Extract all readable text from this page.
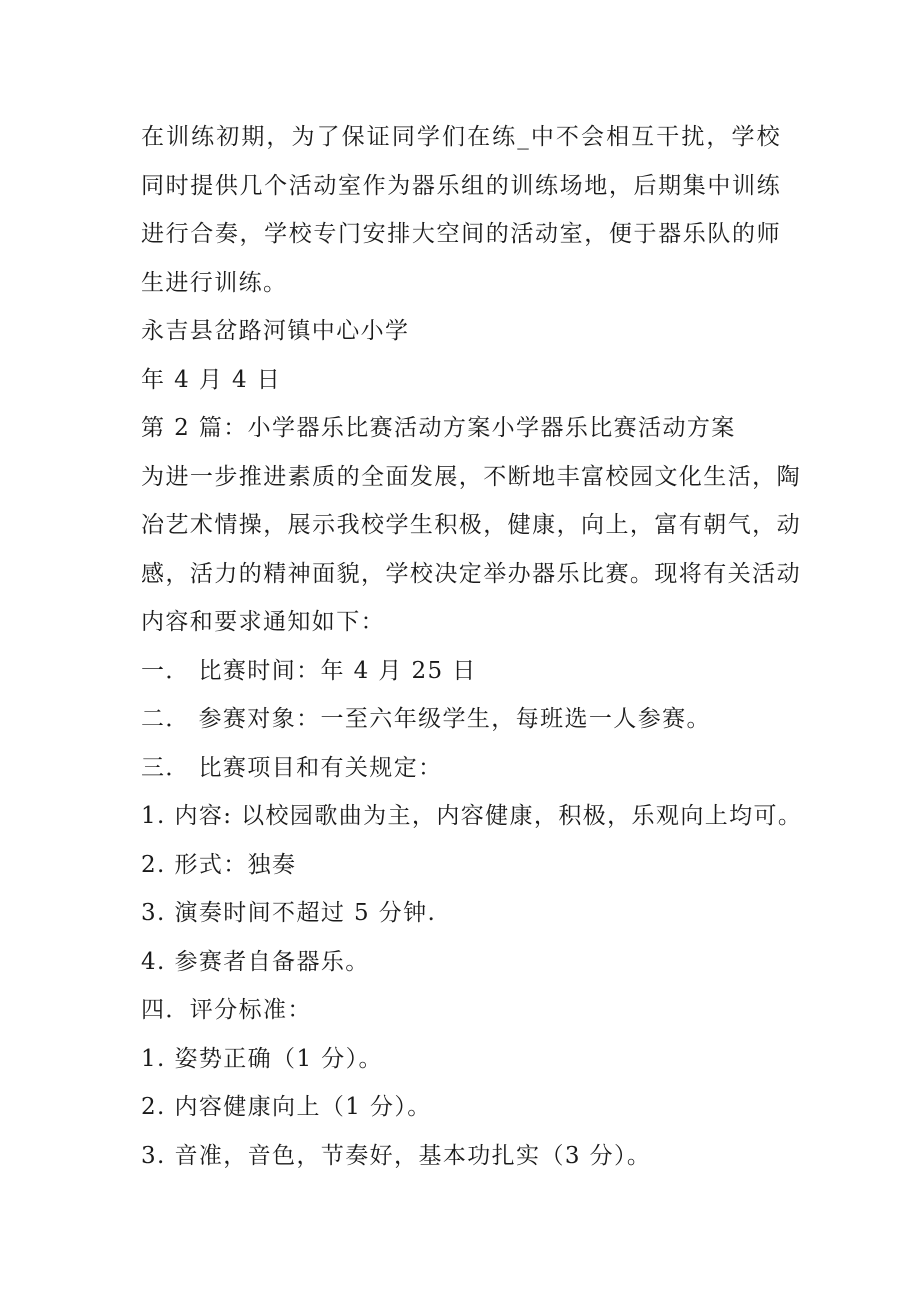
在训练初期，为了保证同学们在练_中不会相互干扰，学校同时提供几个活动室作为器乐组的训练场地，后期集中训练进行合奏，学校专门安排大空间的活动室，便于器乐队的师生进行训练。
永吉县岔路河镇中心小学
年 4 月 4 日
第 2 篇：小学器乐比赛活动方案小学器乐比赛活动方案
为进一步推进素质的全面发展，不断地丰富校园文化生活，陶冶艺术情操，展示我校学生积极，健康，向上，富有朝气，动感，活力的精神面貌，学校决定举办器乐比赛。现将有关活动内容和要求通知如下：
一． 比赛时间：年 4 月 25 日
二． 参赛对象：一至六年级学生，每班选一人参赛。
三． 比赛项目和有关规定：
1. 内容: 以校园歌曲为主，内容健康，积极，乐观向上均可。
2. 形式：独奏
3. 演奏时间不超过 5 分钟.
4. 参赛者自备器乐。
四．评分标准：
1. 姿势正确（1 分）。
2. 内容健康向上（1 分）。
3. 音准，音色，节奏好，基本功扎实（3 分）。
